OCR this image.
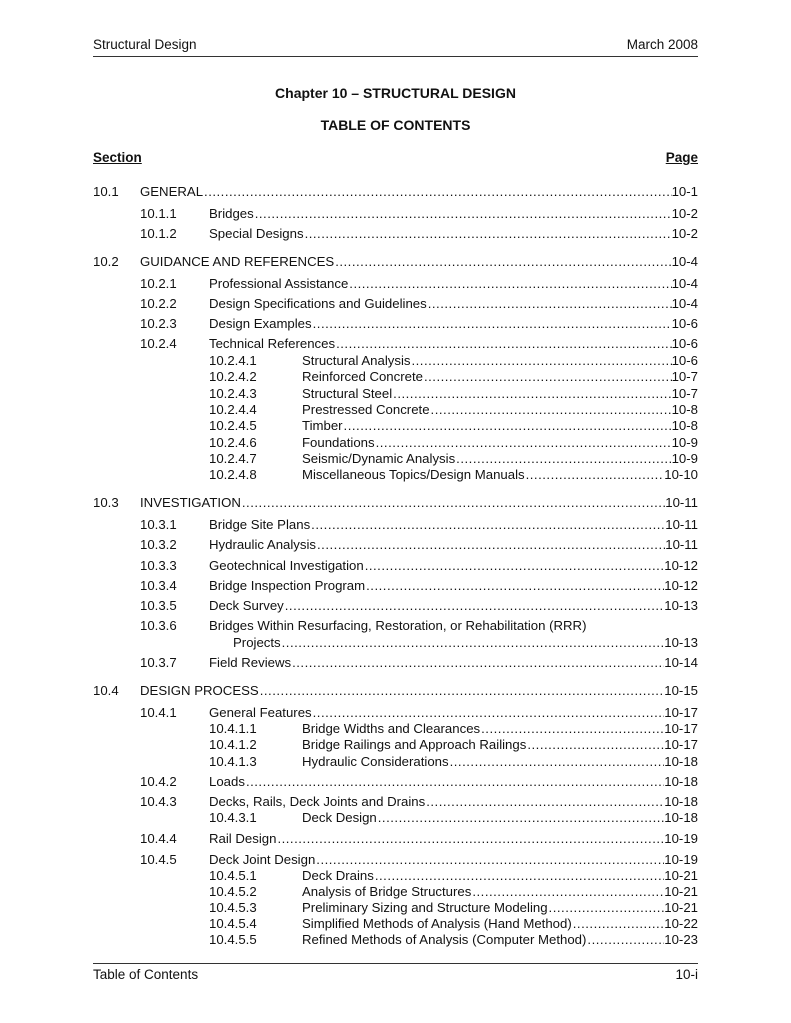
Structural Design	March 2008
Chapter 10 – STRUCTURAL DESIGN
TABLE OF CONTENTS
Section	Page
10.1 GENERAL .....	10-1
10.1.1 Bridges .....	10-2
10.1.2 Special Designs .....	10-2
10.2 GUIDANCE AND REFERENCES .....	10-4
10.2.1 Professional Assistance .....	10-4
10.2.2 Design Specifications and Guidelines .....	10-4
10.2.3 Design Examples .....	10-6
10.2.4 Technical References .....	10-6
10.2.4.1	Structural Analysis .....	10-6
10.2.4.2	Reinforced Concrete .....	10-7
10.2.4.3	Structural Steel .....	10-7
10.2.4.4	Prestressed Concrete .....	10-8
10.2.4.5	Timber .....	10-8
10.2.4.6	Foundations .....	10-9
10.2.4.7	Seismic/Dynamic Analysis .....	10-9
10.2.4.8	Miscellaneous Topics/Design Manuals .....	10-10
10.3 INVESTIGATION .....	10-11
10.3.1 Bridge Site Plans .....	10-11
10.3.2 Hydraulic Analysis .....	10-11
10.3.3 Geotechnical Investigation .....	10-12
10.3.4 Bridge Inspection Program .....	10-12
10.3.5 Deck Survey .....	10-13
10.3.6 Bridges Within Resurfacing, Restoration, or Rehabilitation (RRR)
Projects .....	10-13
10.3.7 Field Reviews .....	10-14
10.4 DESIGN PROCESS .....	10-15
10.4.1 General Features .....	10-17
10.4.1.1	Bridge Widths and Clearances .....	10-17
10.4.1.2	Bridge Railings and Approach Railings .....	10-17
10.4.1.3	Hydraulic Considerations .....	10-18
10.4.2 Loads .....	10-18
10.4.3 Decks, Rails, Deck Joints and Drains .....	10-18
10.4.3.1	Deck Design .....	10-18
10.4.4 Rail Design .....	10-19
10.4.5 Deck Joint Design .....	10-19
10.4.5.1	Deck Drains .....	10-21
10.4.5.2	Analysis of Bridge Structures .....	10-21
10.4.5.3	Preliminary Sizing and Structure Modeling .....	10-21
10.4.5.4	Simplified Methods of Analysis (Hand Method) .....	10-22
10.4.5.5	Refined Methods of Analysis (Computer Method) .....	10-23
Table of Contents	10-i
